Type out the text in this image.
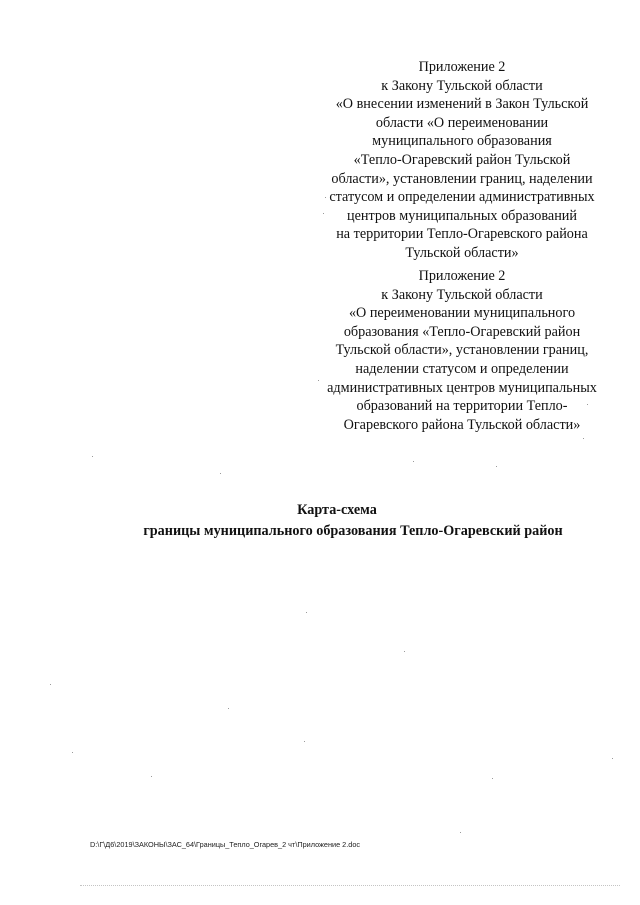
Приложение 2
к Закону Тульской области
«О внесении изменений в Закон Тульской
области «О переименовании
муниципального образования
«Тепло-Огаревский район Тульской
области», установлении границ, наделении
статусом и определении административных
центров муниципальных образований
на территории Тепло-Огаревского района
Тульской области»
Приложение 2
к Закону Тульской области
«О переименовании муниципального
образования «Тепло-Огаревский район
Тульской области», установлении границ,
наделении статусом и определении
административных центров муниципальных
образований на территории Тепло-
Огаревского района Тульской области»
Карта-схема
границы муниципального образования Тепло-Огаревский район
D:\Г\Д6\2019\ЗАКОНЫ\ЗАС_64\Границы_Тепло_Огарев_2 чт\Приложение 2.doc
